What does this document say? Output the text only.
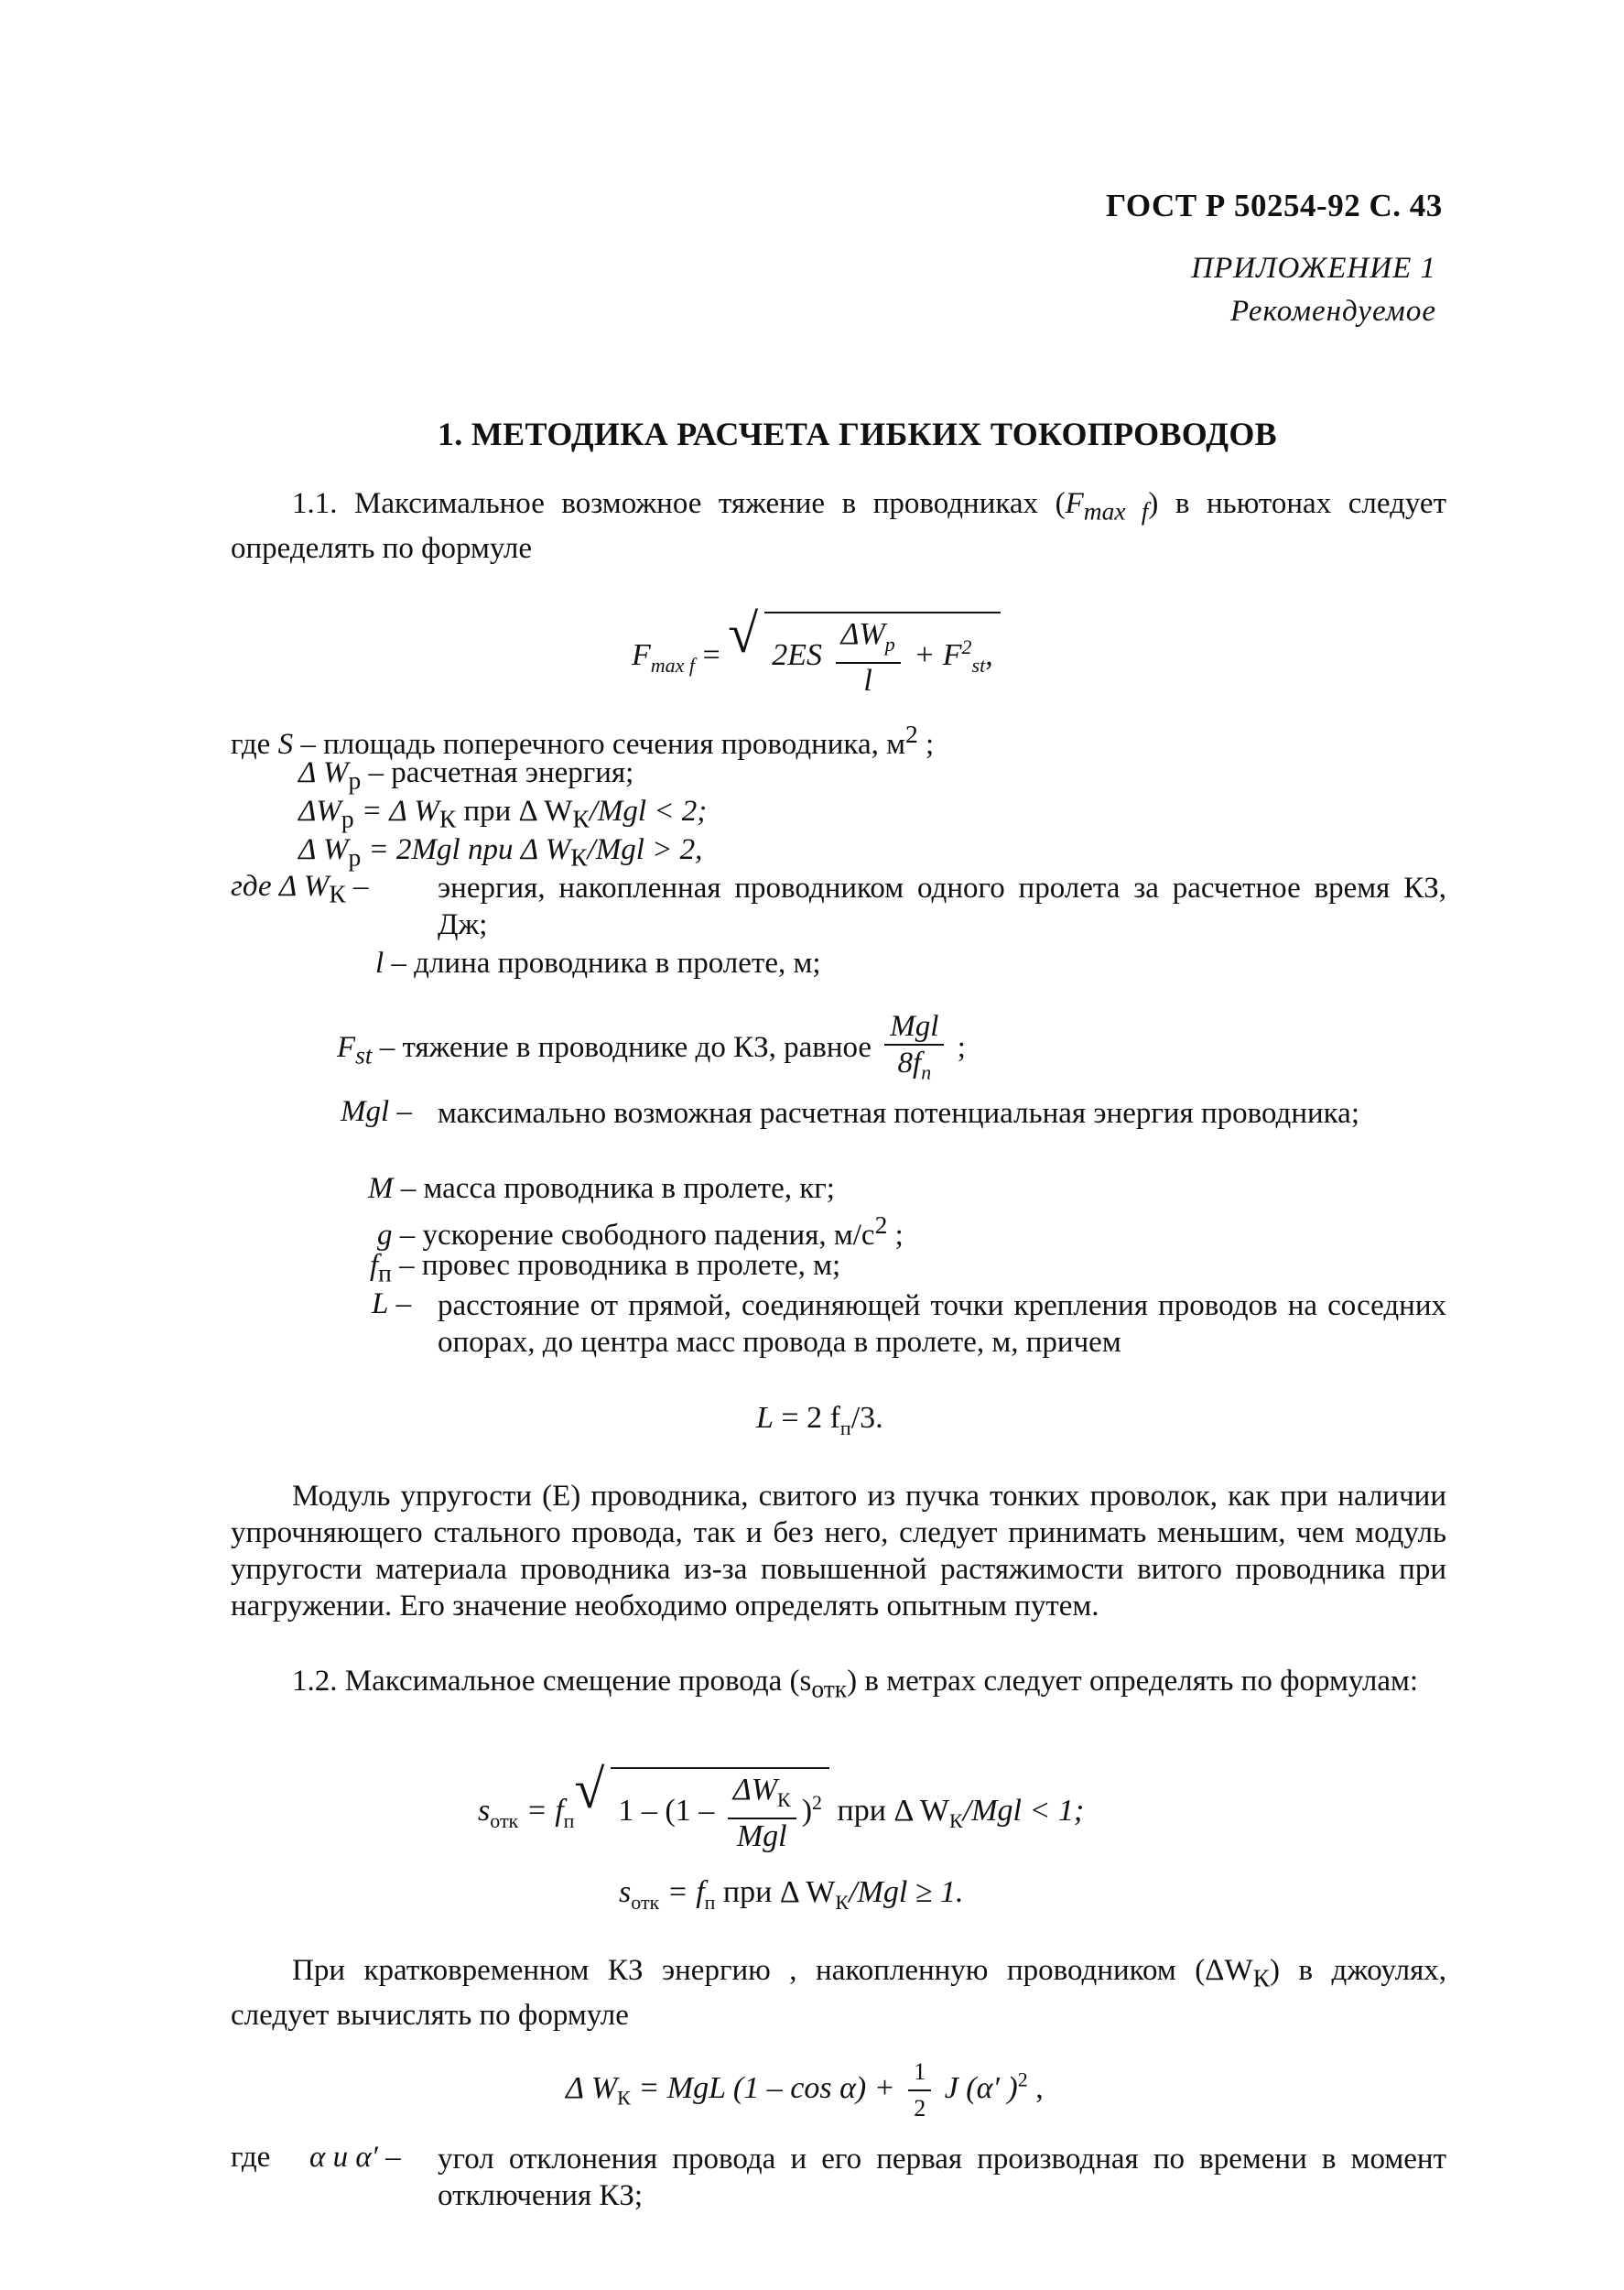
ГОСТ Р 50254-92 С. 43
ПРИЛОЖЕНИЕ 1
Рекомендуемое
1. МЕТОДИКА РАСЧЕТА ГИБКИХ ТОКОПРОВОДОВ
1.1. Максимальное возможное тяжение в проводниках $(F_{max f})$ в ньютонах следует определять по формуле
$F_{max f}$ = √ $2ES \frac{\Delta W_р}{l} + F^2_{st}$,
где S – площадь поперечного сечения проводника, $м^2$ ;
Δ $W_р$ – расчетная энергия;
$\Delta W_р = \Delta$ $W_К$ при Δ $W_К$/Mgl < 2;
Δ $W_р = 2Mgl$ при Δ $W_К$/Mgl > 2,
где Δ $W_К$ – энергия, накопленная проводником одного пролета за расчетное время КЗ, Дж;
l – длина проводника в пролете, м;
$F_{st}$ – тяжение в проводнике до КЗ, равное $\frac{\text{Mgl}}{8f_п}$ ;
Mgl – максимально возможная расчетная потенциальная энергия проводника;
M – масса проводника в пролете, кг;
g – ускорение свободного падения, $м/с^2$ ;
$f_п$ – провес проводника в пролете, м;
L – расстояние от прямой, соединяющей точки крепления проводов на соседних опорах, до центра масс провода в пролете, м, причем
L = 2 $f_п/3$.
Модуль упругости (E) проводника, свитого из пучка тонких проволок, как при наличии упрочняющего стального провода, так и без него, следует принимать меньшим, чем модуль упругости материала проводника из-за повышенной растяжимости витого проводника при нагружении. Его значение необходимо определять опытным путем.
1.2. Максимальное смещение провода $(s_{отк})$ в метрах следует определять по формулам:
$s_{отк} = f_п$
√ $1 - (1 - \frac{\Delta W_К}{\text{Mgl}} )^2$ при Δ $W_К$/Mgl < 1;
$s_{отк} = f_п$ при Δ $W_К$/Mgl ≥ 1.
При кратковременном КЗ энергию , накопленную проводником $(\Delta W_К)$ в джоулях, следует вычислять по формуле
Δ $W_К$ = MgL $(1 - \cos \alpha) + \frac{1}{2}$ J (α′ )$^2$ ,
где α и α′ – угол отклонения провода и его первая производная по времени в момент отключения КЗ;
